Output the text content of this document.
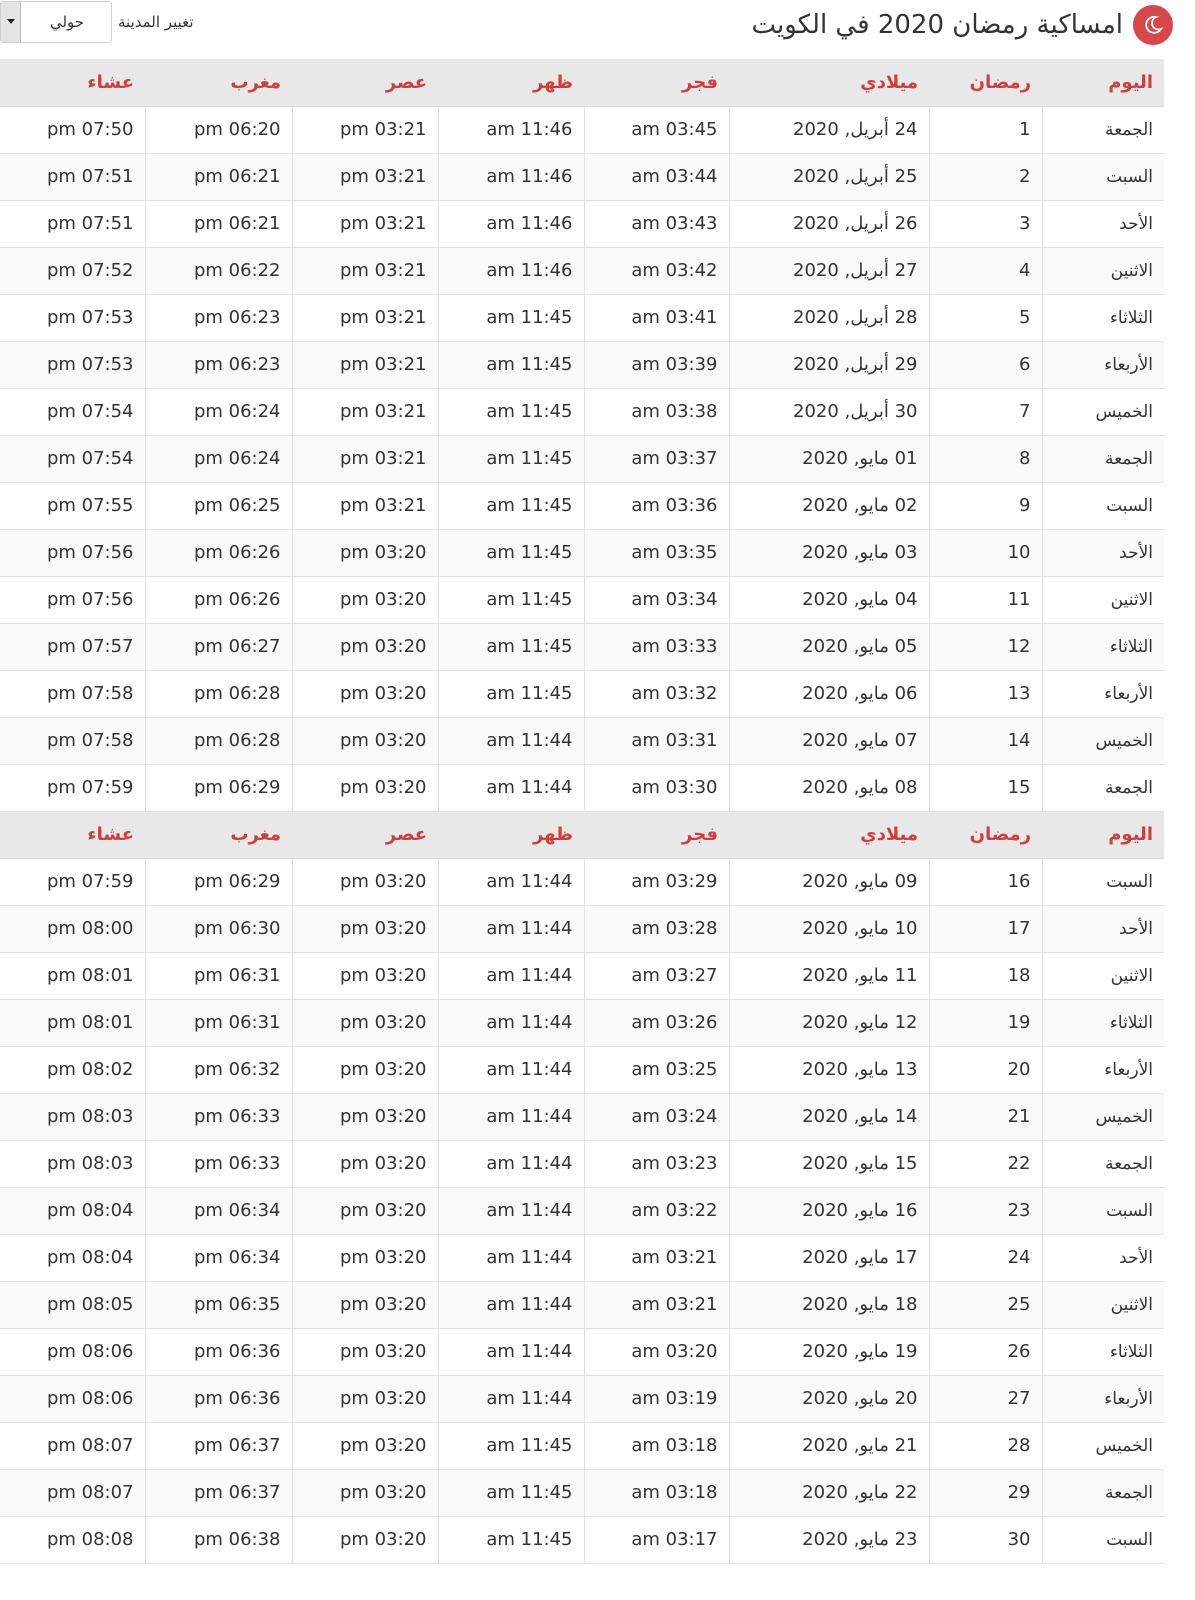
امساكية رمضان 2020 في الكويت
حولي	تغيير المدينة
اليوم	رمضان	ميلادي	فجر	ظهر	عصر	مغرب	عشاء
الجمعة	1	24 أبريل, 2020	am 03:45	am 11:46	pm 03:21	pm 06:20	pm 07:50
السبت	2	25 أبريل, 2020	am 03:44	am 11:46	pm 03:21	pm 06:21	pm 07:51
الأحد	3	26 أبريل, 2020	am 03:43	am 11:46	pm 03:21	pm 06:21	pm 07:51
الاثنين	4	27 أبريل, 2020	am 03:42	am 11:46	pm 03:21	pm 06:22	pm 07:52
الثلاثاء	5	28 أبريل, 2020	am 03:41	am 11:45	pm 03:21	pm 06:23	pm 07:53
الأربعاء	6	29 أبريل, 2020	am 03:39	am 11:45	pm 03:21	pm 06:23	pm 07:53
الخميس	7	30 أبريل, 2020	am 03:38	am 11:45	pm 03:21	pm 06:24	pm 07:54
الجمعة	8	01 مايو, 2020	am 03:37	am 11:45	pm 03:21	pm 06:24	pm 07:54
السبت	9	02 مايو, 2020	am 03:36	am 11:45	pm 03:21	pm 06:25	pm 07:55
الأحد	10	03 مايو, 2020	am 03:35	am 11:45	pm 03:20	pm 06:26	pm 07:56
الاثنين	11	04 مايو, 2020	am 03:34	am 11:45	pm 03:20	pm 06:26	pm 07:56
الثلاثاء	12	05 مايو, 2020	am 03:33	am 11:45	pm 03:20	pm 06:27	pm 07:57
الأربعاء	13	06 مايو, 2020	am 03:32	am 11:45	pm 03:20	pm 06:28	pm 07:58
الخميس	14	07 مايو, 2020	am 03:31	am 11:44	pm 03:20	pm 06:28	pm 07:58
الجمعة	15	08 مايو, 2020	am 03:30	am 11:44	pm 03:20	pm 06:29	pm 07:59
اليوم	رمضان	ميلادي	فجر	ظهر	عصر	مغرب	عشاء
السبت	16	09 مايو, 2020	am 03:29	am 11:44	pm 03:20	pm 06:29	pm 07:59
الأحد	17	10 مايو, 2020	am 03:28	am 11:44	pm 03:20	pm 06:30	pm 08:00
الاثنين	18	11 مايو, 2020	am 03:27	am 11:44	pm 03:20	pm 06:31	pm 08:01
الثلاثاء	19	12 مايو, 2020	am 03:26	am 11:44	pm 03:20	pm 06:31	pm 08:01
الأربعاء	20	13 مايو, 2020	am 03:25	am 11:44	pm 03:20	pm 06:32	pm 08:02
الخميس	21	14 مايو, 2020	am 03:24	am 11:44	pm 03:20	pm 06:33	pm 08:03
الجمعة	22	15 مايو, 2020	am 03:23	am 11:44	pm 03:20	pm 06:33	pm 08:03
السبت	23	16 مايو, 2020	am 03:22	am 11:44	pm 03:20	pm 06:34	pm 08:04
الأحد	24	17 مايو, 2020	am 03:21	am 11:44	pm 03:20	pm 06:34	pm 08:04
الاثنين	25	18 مايو, 2020	am 03:21	am 11:44	pm 03:20	pm 06:35	pm 08:05
الثلاثاء	26	19 مايو, 2020	am 03:20	am 11:44	pm 03:20	pm 06:36	pm 08:06
الأربعاء	27	20 مايو, 2020	am 03:19	am 11:44	pm 03:20	pm 06:36	pm 08:06
الخميس	28	21 مايو, 2020	am 03:18	am 11:45	pm 03:20	pm 06:37	pm 08:07
الجمعة	29	22 مايو, 2020	am 03:18	am 11:45	pm 03:20	pm 06:37	pm 08:07
السبت	30	23 مايو, 2020	am 03:17	am 11:45	pm 03:20	pm 06:38	pm 08:08
